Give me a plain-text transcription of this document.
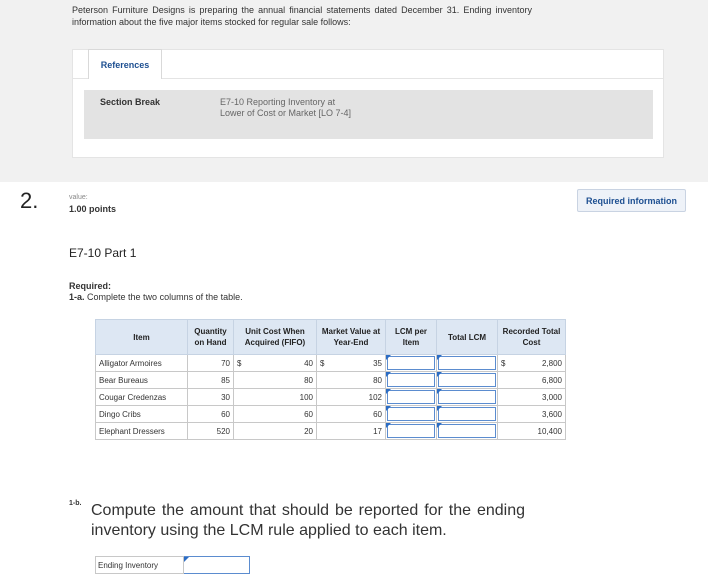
Peterson Furniture Designs is preparing the annual financial statements dated December 31. Ending inventory information about the five major items stocked for regular sale follows:
References
Section Break	E7-10 Reporting Inventory at Lower of Cost or Market [LO 7-4]
2.	value:
1.00 points
Required information
E7-10 Part 1
Required:
1-a. Complete the two columns of the table.
Item	Quantity on Hand	Unit Cost When Acquired (FIFO)	Market Value at Year-End	LCM per Item	Total LCM	Recorded Total Cost
Alligator Armoires	70	$ 40	$ 35			$ 2,800
Bear Bureaus	85	80	80			6,800
Cougar Credenzas	30	100	102			3,000
Dingo Cribs	60	60	60			3,600
Elephant Dressers	520	20	17			10,400
1-b. Compute the amount that should be reported for the ending inventory using the LCM rule applied to each item.
Ending Inventory
